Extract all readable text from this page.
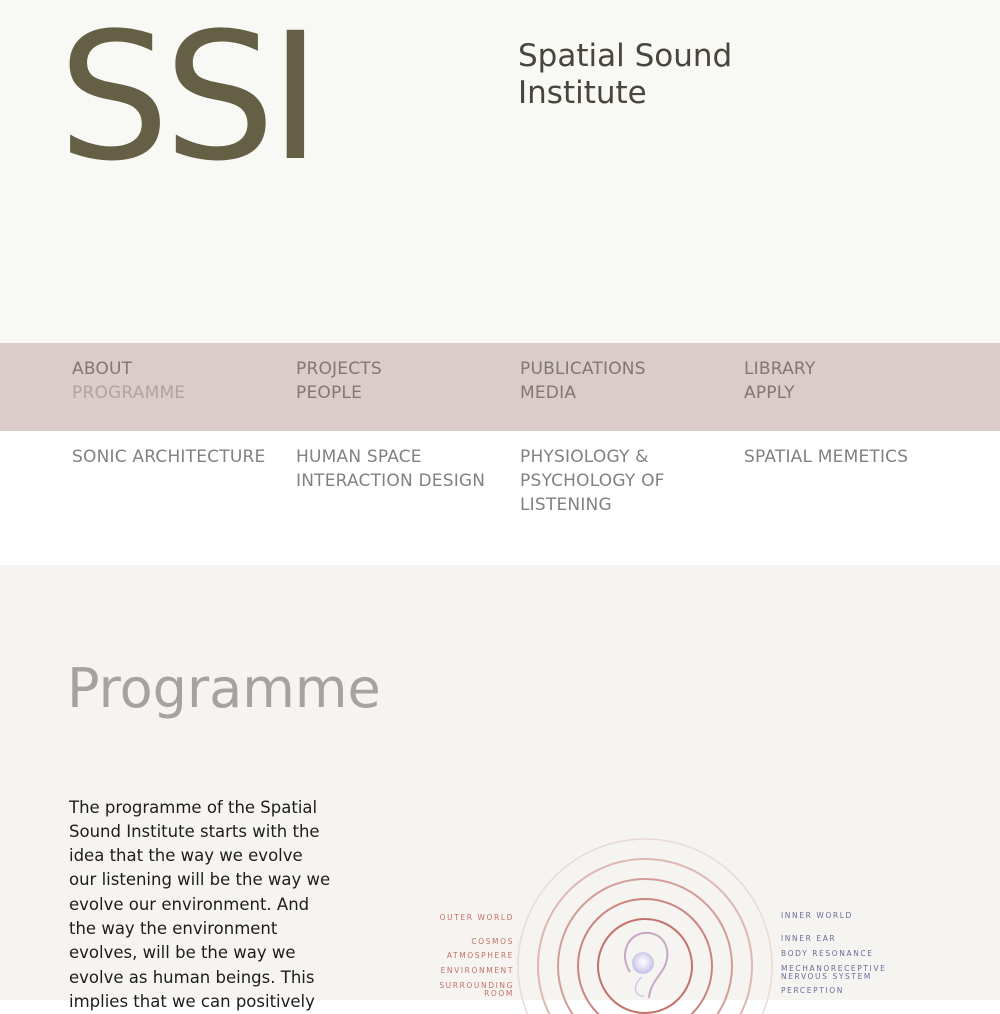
SSI	Spatial Sound
Institute
ABOUT
PROGRAMME
PROJECTS
PEOPLE
PUBLICATIONS
MEDIA
LIBRARY
APPLY
SONIC ARCHITECTURE	HUMAN SPACE INTERACTION DESIGN
PHYSIOLOGY & PSYCHOLOGY OF LISTENING
SPATIAL MEMETICS
Programme

The programme of the Spatial Sound Institute starts with the idea that the way we evolve our listening will be the way we evolve our environment. And the way the environment evolves, will be the way we evolve as human beings. This implies that we can positively

OUTER WORLD
COSMOS
ATMOSPHERE
ENVIRONMENT
SURROUNDING ROOM
INNER WORLD
INNER EAR
BODY RESONANCE
MECHANORECEPTIVE NERVOUS SYSTEM
PERCEPTION
